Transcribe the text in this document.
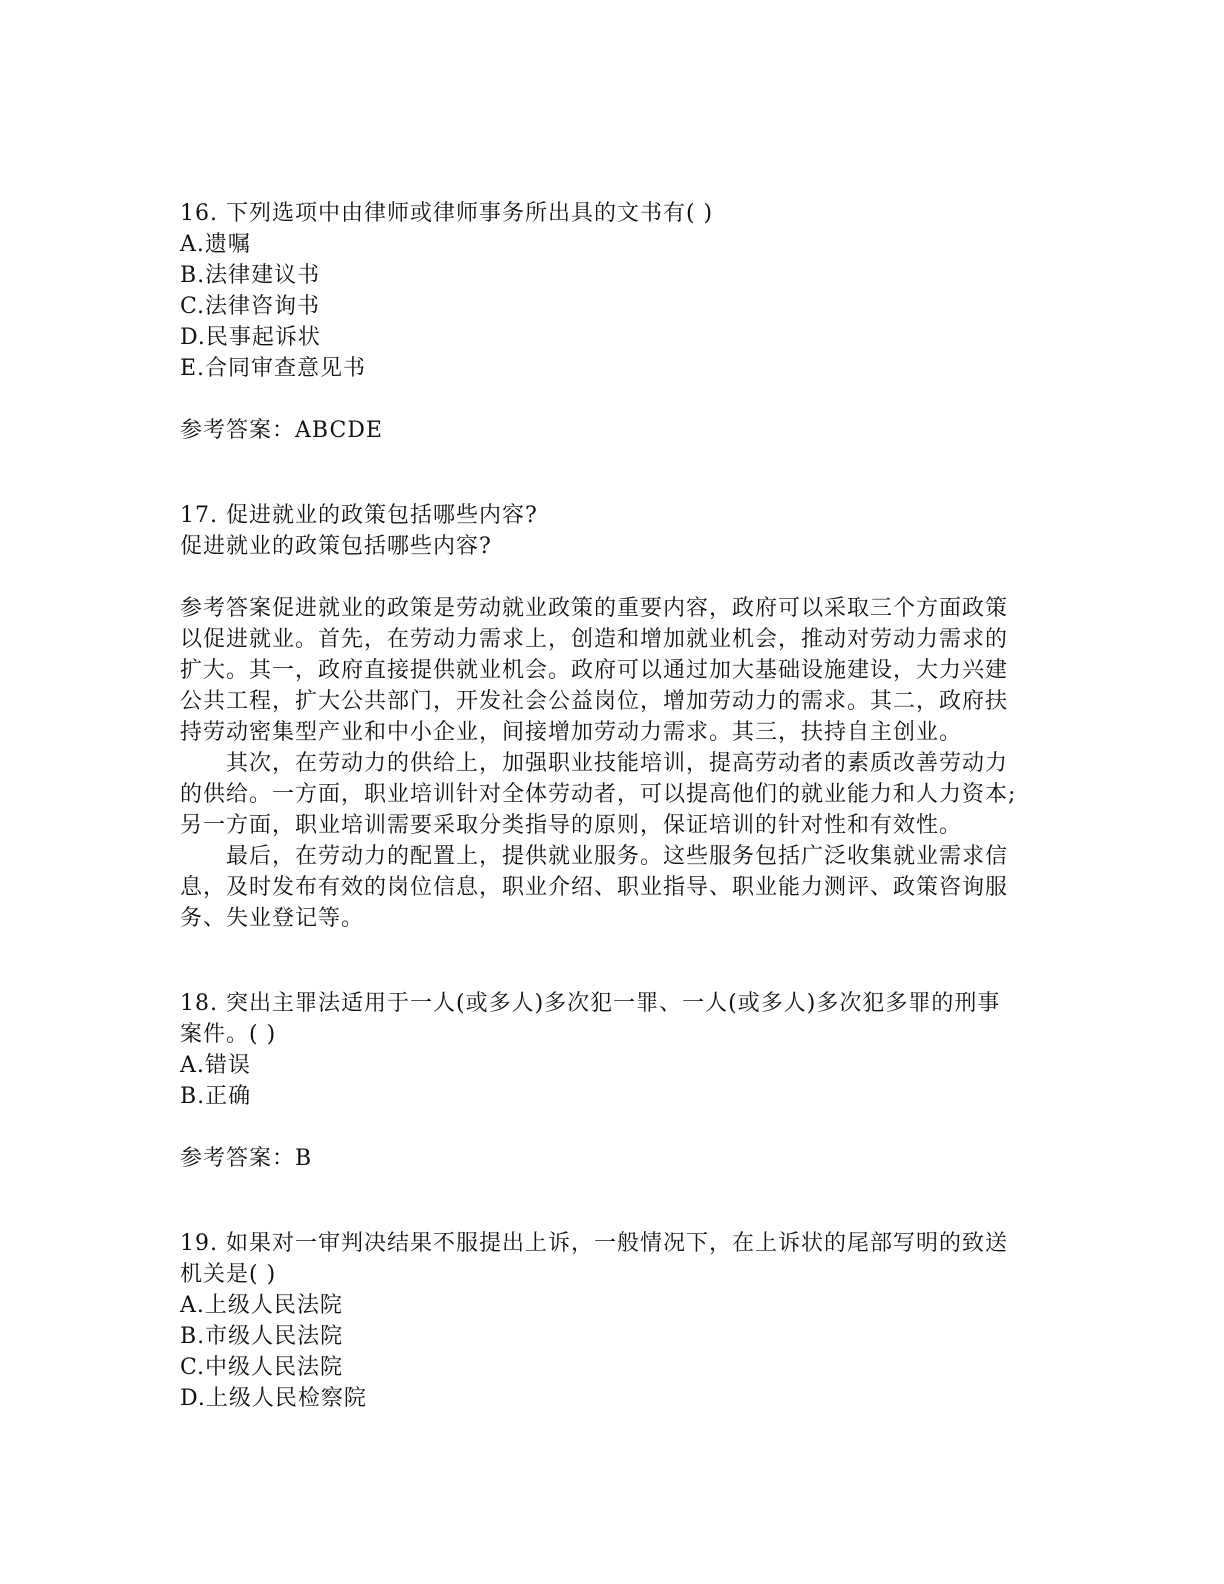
16. 下列选项中由律师或律师事务所出具的文书有( )
A.遗嘱
B.法律建议书
C.法律咨询书
D.民事起诉状
E.合同审查意见书
参考答案：ABCDE
17. 促进就业的政策包括哪些内容?
促进就业的政策包括哪些内容?
参考答案促进就业的政策是劳动就业政策的重要内容，政府可以采取三个方面政策
以促进就业。首先，在劳动力需求上，创造和增加就业机会，推动对劳动力需求的
扩大。其一，政府直接提供就业机会。政府可以通过加大基础设施建设，大力兴建
公共工程，扩大公共部门，开发社会公益岗位，增加劳动力的需求。其二，政府扶
持劳动密集型产业和中小企业，间接增加劳动力需求。其三，扶持自主创业。
其次，在劳动力的供给上，加强职业技能培训，提高劳动者的素质改善劳动力
的供给。一方面，职业培训针对全体劳动者，可以提高他们的就业能力和人力资本;
另一方面，职业培训需要采取分类指导的原则，保证培训的针对性和有效性。
最后，在劳动力的配置上，提供就业服务。这些服务包括广泛收集就业需求信
息，及时发布有效的岗位信息，职业介绍、职业指导、职业能力测评、政策咨询服
务、失业登记等。
18. 突出主罪法适用于一人(或多人)多次犯一罪、一人(或多人)多次犯多罪的刑事
案件。( )
A.错误
B.正确
参考答案：B
19. 如果对一审判决结果不服提出上诉，一般情况下，在上诉状的尾部写明的致送
机关是( )
A.上级人民法院
B.市级人民法院
C.中级人民法院
D.上级人民检察院
